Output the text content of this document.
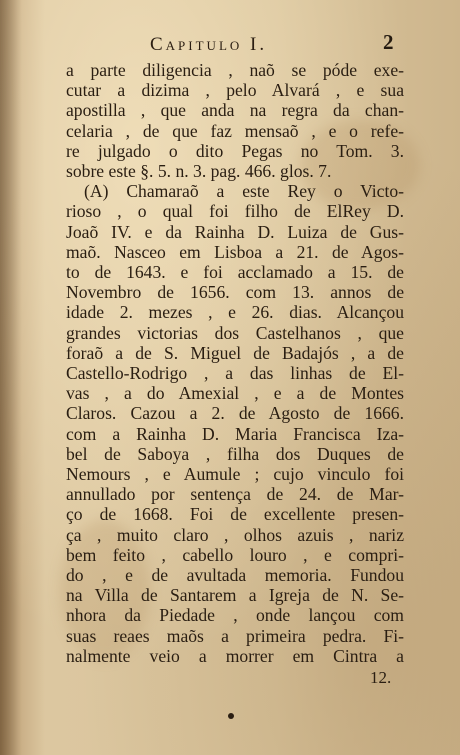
Capitulo I.	2
a parte diligencia , naõ se póde exe-
cutar a dizima , pelo Alvará , e sua
apostilla , que anda na regra da chan-
celaria , de que faz mensaõ , e o refe-
re julgado o dito Pegas no Tom. 3.
sobre este §. 5. n. 3. pag. 466. glos. 7.
(A) Chamaraõ a este Rey o Victo-
rioso , o qual foi filho de ElRey D.
Joaõ IV. e da Rainha D. Luiza de Gus-
maõ. Nasceo em Lisboa a 21. de Agos-
to de 1643. e foi acclamado a 15. de
Novembro de 1656. com 13. annos de
idade 2. mezes , e 26. dias. Alcançou
grandes victorias dos Castelhanos , que
foraõ a de S. Miguel de Badajós , a de
Castello-Rodrigo , a das linhas de El-
vas , a do Amexial , e a de Montes
Claros. Cazou a 2. de Agosto de 1666.
com a Rainha D. Maria Francisca Iza-
bel de Saboya , filha dos Duques de
Nemours , e Aumule ; cujo vinculo foi
annullado por sentença de 24. de Mar-
ço de 1668. Foi de excellente presen-
ça , muito claro , olhos azuis , nariz
bem feito , cabello louro , e compri-
do , e de avultada memoria. Fundou
na Villa de Santarem a Igreja de N. Se-
nhora da Piedade , onde lançou com
suas reaes maõs a primeira pedra. Fi-
nalmente veio a morrer em Cintra a
12.
